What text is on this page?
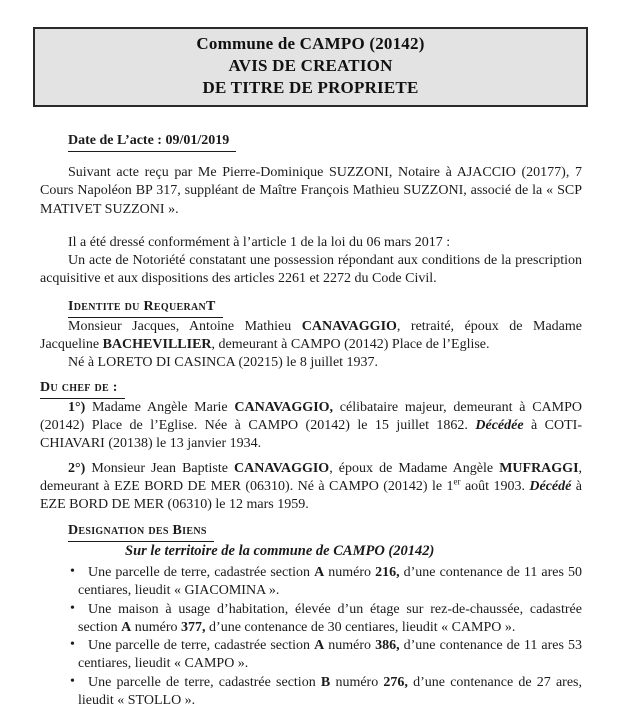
Commune de CAMPO (20142)
AVIS DE CREATION
DE TITRE DE PROPRIETE
Date de L’acte : 09/01/2019

Suivant acte reçu par Me Pierre-Dominique SUZZONI, Notaire à AJACCIO (20177), 7 Cours Napoléon BP 317, suppléant de Maître François Mathieu SUZZONI, associé de la « SCP MATIVET SUZZONI ».

Il a été dressé conformément à l’article 1 de la loi du 06 mars 2017 :

Un acte de Notoriété constatant une possession répondant aux conditions de la prescription acquisitive et aux dispositions des articles 2261 et 2272 du Code Civil.

Identite du RequeranT

Monsieur Jacques, Antoine Mathieu CANAVAGGIO, retraité, époux de Madame Jacqueline BACHEVILLIER, demeurant à CAMPO (20142) Place de l’Eglise.

Né à LORETO DI CASINCA (20215) le 8 juillet 1937.

Du chef de :

1°) Madame Angèle Marie CANAVAGGIO, célibataire majeur, demeurant à CAMPO (20142) Place de l’Eglise. Née à CAMPO (20142) le 15 juillet 1862. Décédée à COTI-CHIAVARI (20138) le 13 janvier 1934.

2°) Monsieur Jean Baptiste CANAVAGGIO, époux de Madame Angèle MUFRAGGI, demeurant à EZE BORD DE MER (06310). Né à CAMPO (20142) le 1er août 1903. Décédé à EZE BORD DE MER (06310) le 12 mars 1959.

Designation des Biens

Sur le territoire de la commune de CAMPO (20142)

• Une parcelle de terre, cadastrée section A numéro 216, d’une contenance de 11 ares 50 centiares, lieudit « GIACOMINA ».
• Une maison à usage d’habitation, élevée d’un étage sur rez-de-chaussée, cadastrée section A numéro 377, d’une contenance de 30 centiares, lieudit « CAMPO ».
• Une parcelle de terre, cadastrée section A numéro 386, d’une contenance de 11 ares 53 centiares, lieudit « CAMPO ».
• Une parcelle de terre, cadastrée section B numéro 276, d’une contenance de 27 ares, lieudit « STOLLO ».
